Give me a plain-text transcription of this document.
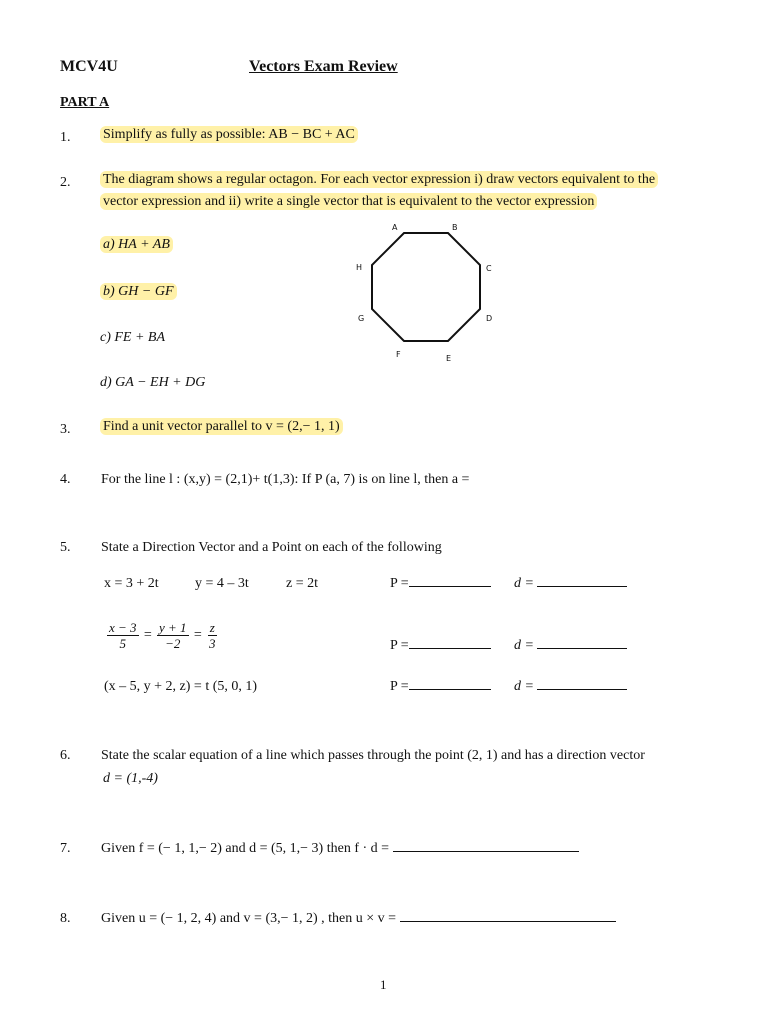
MCV4U	Vectors Exam Review
PART A
1. Simplify as fully as possible: AB − BC + AC
2. The diagram shows a regular octagon. For each vector expression i) draw vectors equivalent to the
vector expression and ii) write a single vector that is equivalent to the vector expression
a) HA + AB
b) GH − GF
c) FE + BA
d) GA − EH + DG
A	B
C
D
E
F
G
H
3. Find a unit vector parallel to v = (2,− 1, 1)
4. For the line l : (x,y) = (2,1)+ t(1,3): If P (a, 7) is on line l, then a =
5. State a Direction Vector and a Point on each of the following
x = 3 + 2t	y = 4 – 3t	z = 2t	P =	d =
$\frac{x - 3}{5} = \frac{y + 1}{-2} = \frac{z}{3}$	P =	d =
(x – 5, y + 2, z) = t (5, 0, 1)	P =	d =
6. State the scalar equation of a line which passes through the point (2, 1) and has a direction vector
d = (1,-4)
7. Given f = (− 1, 1,− 2) and d = (5, 1,− 3) then f · d =
8. Given u = (− 1, 2, 4) and v = (3,− 1, 2) , then u × v =
1
